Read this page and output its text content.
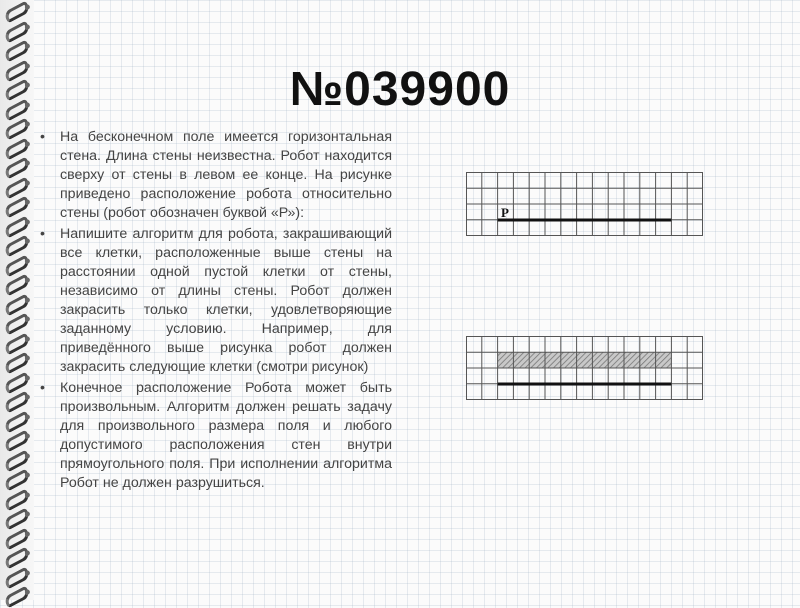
№039900
• На бесконечном поле имеется горизонтальная стена. Длина стены неизвестна. Робот находится сверху от стены в левом ее конце. На рисунке приведено расположение робота относительно стены (робот обозначен буквой «Р»):
• Напишите алгоритм для робота, закрашивающий все клетки, расположенные выше стены на расстоянии одной пустой клетки от стены, независимо от длины стены. Робот должен закрасить только клетки, удовлетворяющие заданному условию. Например, для приведённого выше рисунка робот должен закрасить следующие клетки (смотри рисунок)
• Конечное расположение Робота может быть произвольным. Алгоритм должен решать задачу для произвольного размера поля и любого допустимого расположения стен внутри прямоугольного поля. При исполнении алгоритма Робот не должен разрушиться.
Р
